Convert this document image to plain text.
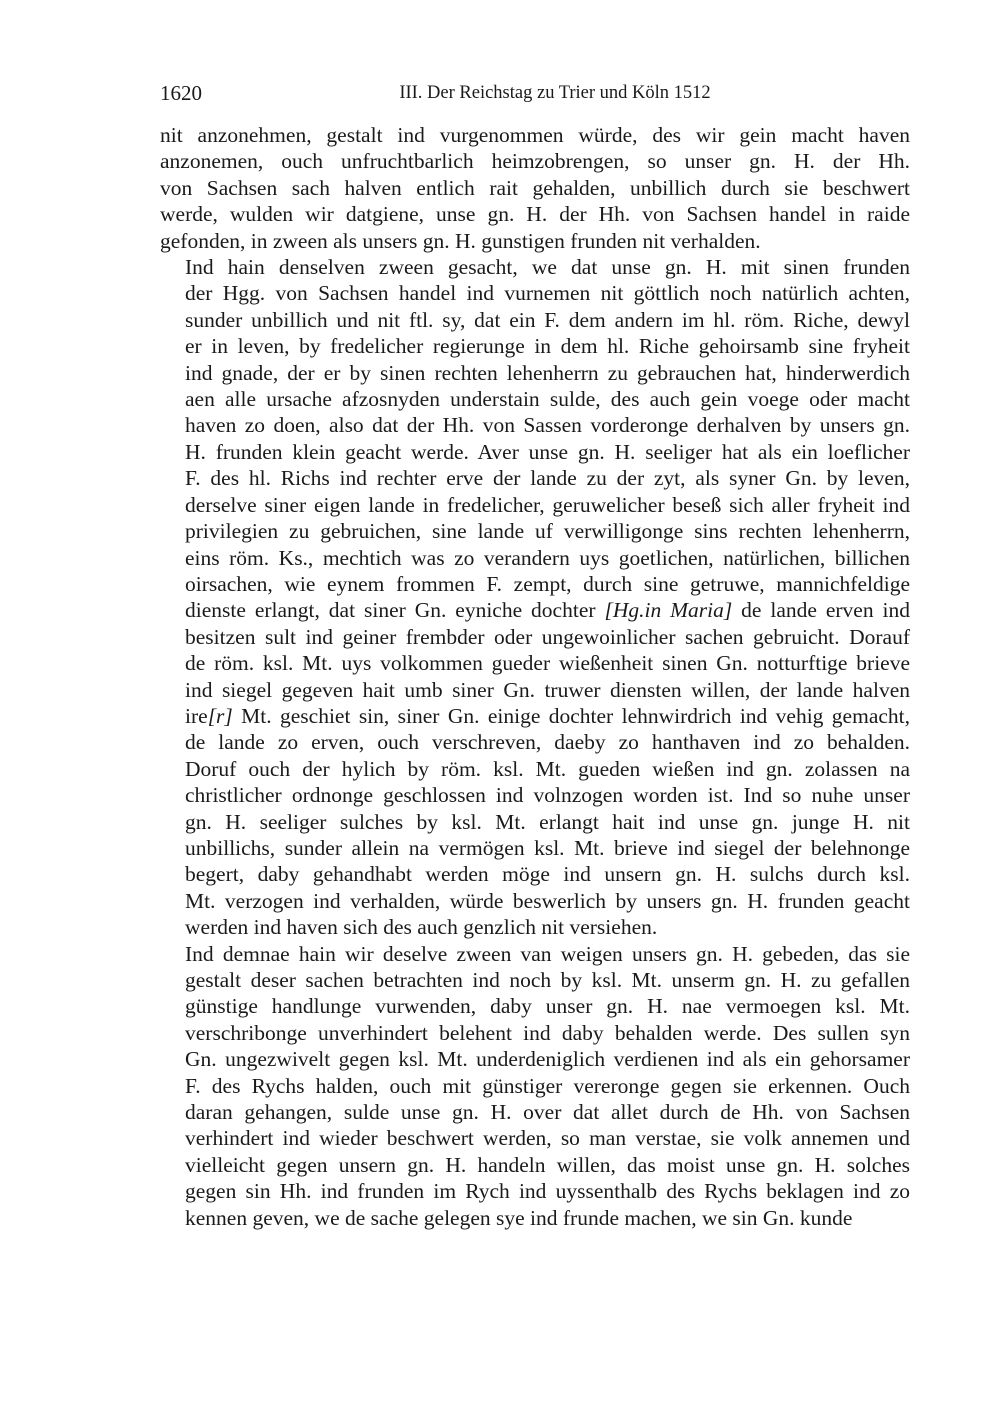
1620	III. Der Reichstag zu Trier und Köln 1512

nit anzonehmen, gestalt ind vurgenommen würde, des wir gein macht haven
anzonemen, ouch unfruchtbarlich heimzobrengen, so unser gn. H. der Hh.
von Sachsen sach halven entlich rait gehalden, unbillich durch sie beschwert
werde, wulden wir datgiene, unse gn. H. der Hh. von Sachsen handel in raide
gefonden, in zween als unsers gn. H. gunstigen frunden nit verhalden.

Ind hain denselven zween gesacht, we dat unse gn. H. mit sinen frunden
der Hgg. von Sachsen handel ind vurnemen nit göttlich noch natürlich achten,
sunder unbillich und nit ftl. sy, dat ein F. dem andern im hl. röm. Riche, dewyl
er in leven, by fredelicher regierunge in dem hl. Riche gehoirsamb sine fryheit
ind gnade, der er by sinen rechten lehenherrn zu gebrauchen hat, hinderwerdich
aen alle ursache afzosnyden understain sulde, des auch gein voege oder macht
haven zo doen, also dat der Hh. von Sassen vorderonge derhalven by unsers gn.
H. frunden klein geacht werde. Aver unse gn. H. seeliger hat als ein loeflicher
F. des hl. Richs ind rechter erve der lande zu der zyt, als syner Gn. by leven,
derselve siner eigen lande in fredelicher, geruwelicher beseß sich aller fryheit ind
privilegien zu gebruichen, sine lande uf verwilligonge sins rechten lehenherrn,
eins röm. Ks., mechtich was zo verandern uys goetlichen, natürlichen, billichen
oirsachen, wie eynem frommen F. zempt, durch sine getruwe, mannichfeldige
dienste erlangt, dat siner Gn. eyniche dochter [Hg.in Maria] de lande erven ind
besitzen sult ind geiner frembder oder ungewoinlicher sachen gebruicht. Dorauf
de röm. ksl. Mt. uys volkommen gueder wießenheit sinen Gn. notturftige brieve
ind siegel gegeven hait umb siner Gn. truwer diensten willen, der lande halven
ire[r] Mt. geschiet sin, siner Gn. einige dochter lehnwirdrich ind vehig gemacht,
de lande zo erven, ouch verschreven, daeby zo hanthaven ind zo behalden.
Doruf ouch der hylich by röm. ksl. Mt. gueden wießen ind gn. zolassen na
christlicher ordnonge geschlossen ind volnzogen worden ist. Ind so nuhe unser
gn. H. seeliger sulches by ksl. Mt. erlangt hait ind unse gn. junge H. nit
unbillichs, sunder allein na vermögen ksl. Mt. brieve ind siegel der belehnonge
begert, daby gehandhabt werden möge ind unsern gn. H. sulchs durch ksl.
Mt. verzogen ind verhalden, würde beswerlich by unsers gn. H. frunden geacht
werden ind haven sich des auch genzlich nit versiehen.

Ind demnae hain wir deselve zween van weigen unsers gn. H. gebeden, das sie
gestalt deser sachen betrachten ind noch by ksl. Mt. unserm gn. H. zu gefallen
günstige handlunge vurwenden, daby unser gn. H. nae vermoegen ksl. Mt.
verschribonge unverhindert belehent ind daby behalden werde. Des sullen syn
Gn. ungezwivelt gegen ksl. Mt. underdeniglich verdienen ind als ein gehorsamer
F. des Rychs halden, ouch mit günstiger vereronge gegen sie erkennen. Ouch
daran gehangen, sulde unse gn. H. over dat allet durch de Hh. von Sachsen
verhindert ind wieder beschwert werden, so man verstae, sie volk annemen und
vielleicht gegen unsern gn. H. handeln willen, das moist unse gn. H. solches
gegen sin Hh. ind frunden im Rych ind uyssenthalb des Rychs beklagen ind zo
kennen geven, we de sache gelegen sye ind frunde machen, we sin Gn. kunde
